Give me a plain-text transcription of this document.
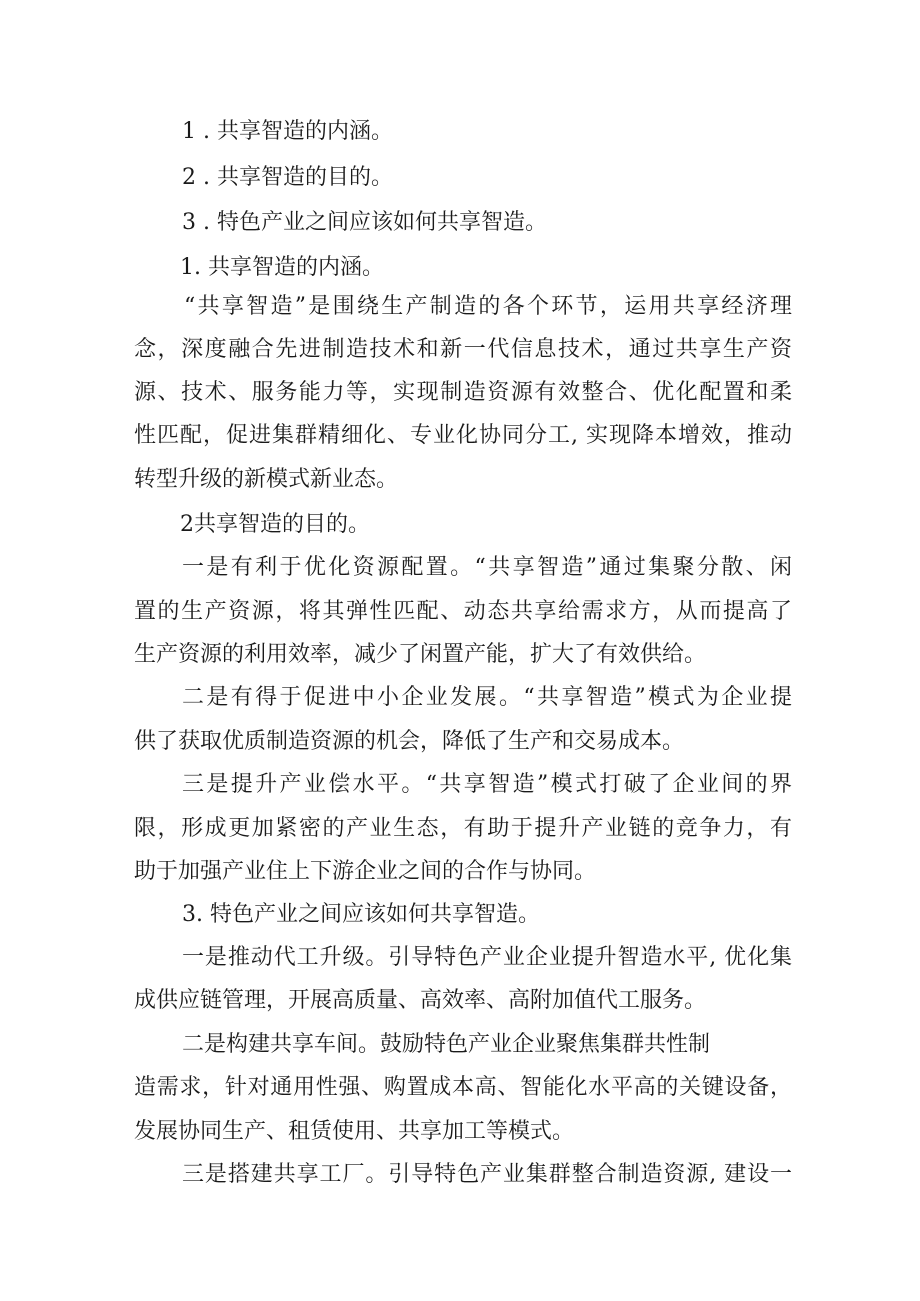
1 . 共享智造的内涵。
2 . 共享智造的目的。
3 . 特色产业之间应该如何共享智造。
1. 共享智造的内涵。
“共享智造”是围绕生产制造的各个环节，运用共享经济理
念，深度融合先进制造技术和新一代信息技术，通过共享生产资
源、技术、服务能力等，实现制造资源有效整合、优化配置和柔
性匹配，促进集群精细化、专业化协同分工, 实现降本增效，推动
转型升级的新模式新业态。
2共享智造的目的。
一是有利于优化资源配置。“共享智造”通过集聚分散、闲
置的生产资源，将其弹性匹配、动态共享给需求方，从而提高了
生产资源的利用效率，减少了闲置产能，扩大了有效供给。
二是有得于促进中小企业发展。“共享智造”模式为企业提
供了获取优质制造资源的机会，降低了生产和交易成本。
三是提升产业偿水平。“共享智造”模式打破了企业间的界
限，形成更加紧密的产业生态，有助于提升产业链的竞争力，有
助于加强产业住上下游企业之间的合作与协同。
3. 特色产业之间应该如何共享智造。
一是推动代工升级。引导特色产业企业提升智造水平, 优化集
成供应链管理，开展高质量、高效率、高附加值代工服务。
二是构建共享车间。鼓励特色产业企业聚焦集群共性制
造需求，针对通用性强、购置成本高、智能化水平高的关键设备，
发展协同生产、租赁使用、共享加工等模式。
三是搭建共享工厂。引导特色产业集群整合制造资源, 建设一
